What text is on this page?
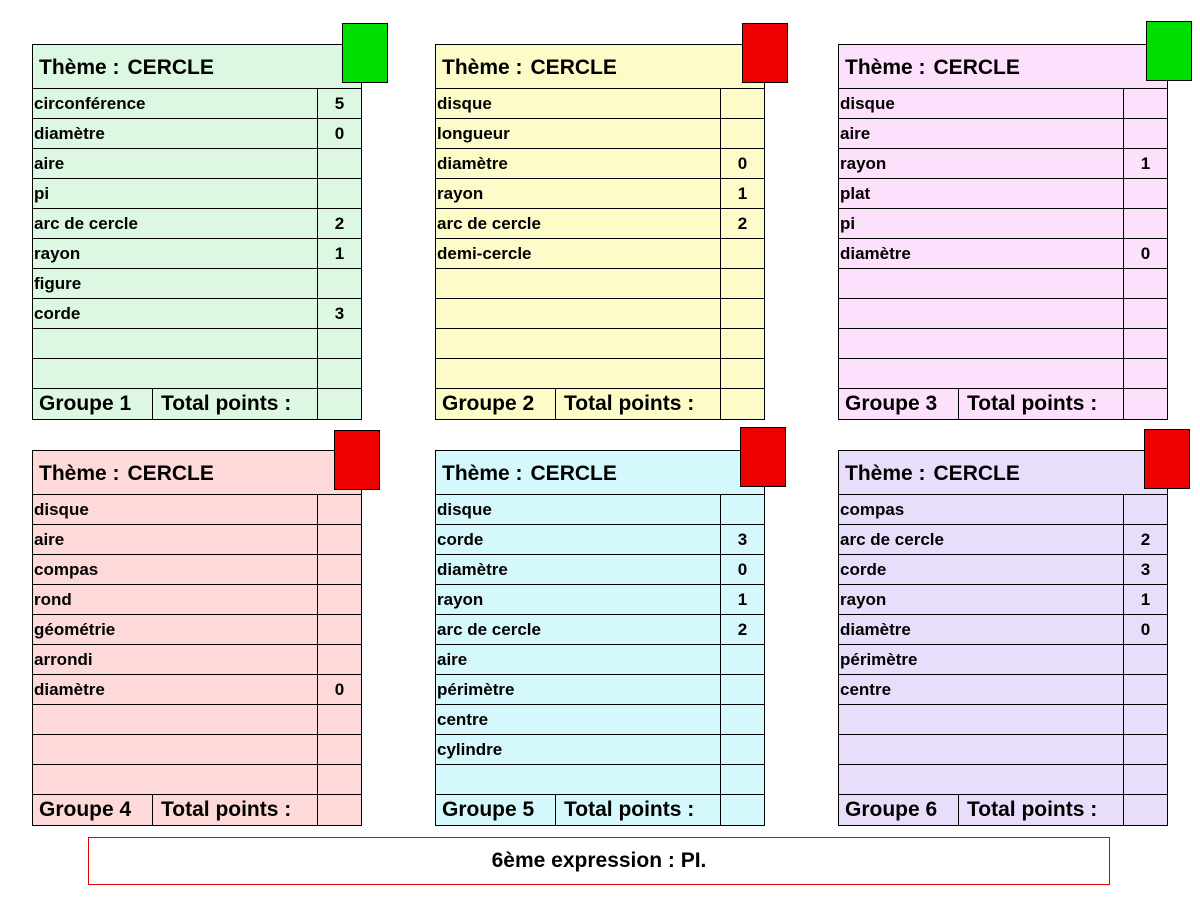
Thème : CERCLE
circonférence	5
diamètre	0
aire
pi
arc de cercle	2
rayon	1
figure
corde	3
Groupe 1	Total points :
Thème : CERCLE
disque
longueur
diamètre	0
rayon	1
arc de cercle	2
demi-cercle
Groupe 2	Total points :
Thème : CERCLE
disque
aire
rayon	1
plat
pi
diamètre	0
Groupe 3	Total points :
Thème : CERCLE
disque
aire
compas
rond
géométrie
arrondi
diamètre	0
Groupe 4	Total points :
Thème : CERCLE
disque
corde	3
diamètre	0
rayon	1
arc de cercle	2
aire
périmètre
centre
cylindre
Groupe 5	Total points :
Thème : CERCLE
compas
arc de cercle	2
corde	3
rayon	1
diamètre	0
périmètre
centre
Groupe 6	Total points :
6ème expression : PI.
